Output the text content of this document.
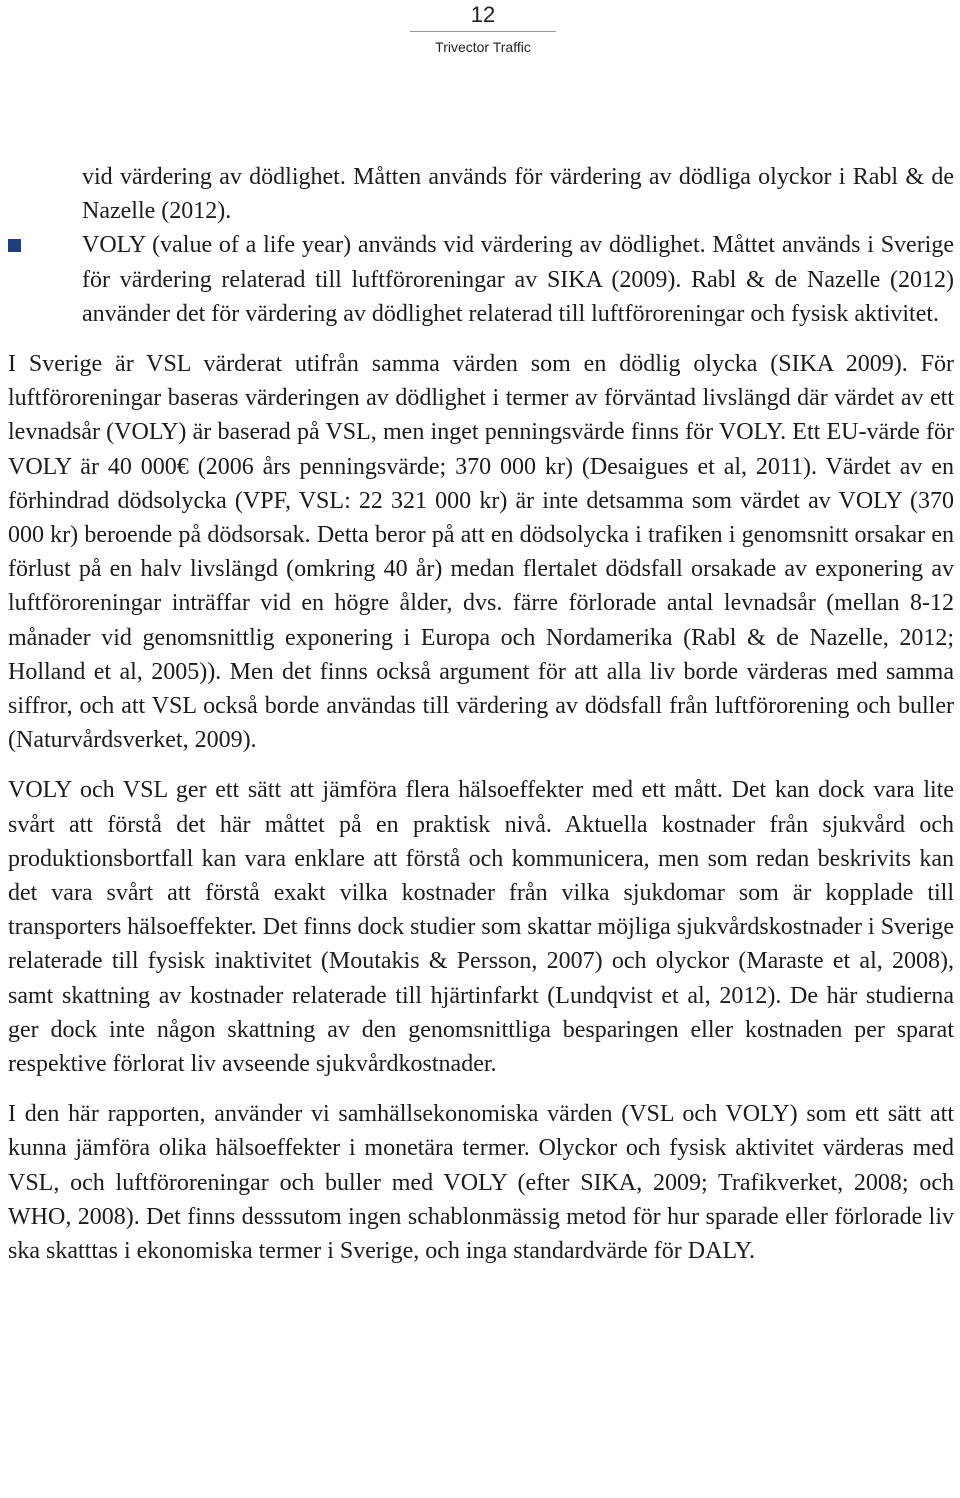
12
Trivector Traffic

vid värdering av dödlighet. Måtten används för värdering av dödliga olyckor i Rabl & de Nazelle (2012).

VOLY (value of a life year) används vid värdering av dödlighet. Måttet används i Sverige för värdering relaterad till luftföroreningar av SIKA (2009). Rabl & de Nazelle (2012) använder det för värdering av dödlighet relaterad till luftföroreningar och fysisk aktivitet.

I Sverige är VSL värderat utifrån samma värden som en dödlig olycka (SIKA 2009). För luftföroreningar baseras värderingen av dödlighet i termer av förväntad livslängd där värdet av ett levnadsår (VOLY) är baserad på VSL, men inget penningsvärde finns för VOLY. Ett EU-värde för VOLY är 40 000€ (2006 års penningsvärde; 370 000 kr) (Desaigues et al, 2011). Värdet av en förhindrad dödsolycka (VPF, VSL: 22 321 000 kr) är inte detsamma som värdet av VOLY (370 000 kr) beroende på dödsorsak. Detta beror på att en dödsolycka i trafiken i genomsnitt orsakar en förlust på en halv livslängd (omkring 40 år) medan flertalet dödsfall orsakade av exponering av luftföroreningar inträffar vid en högre ålder, dvs. färre förlorade antal levnadsår (mellan 8-12 månader vid genomsnittlig exponering i Europa och Nordamerika (Rabl & de Nazelle, 2012; Holland et al, 2005)). Men det finns också argument för att alla liv borde värderas med samma siffror, och att VSL också borde användas till värdering av dödsfall från luftförorening och buller (Naturvårdsverket, 2009).

VOLY och VSL ger ett sätt att jämföra flera hälsoeffekter med ett mått. Det kan dock vara lite svårt att förstå det här måttet på en praktisk nivå. Aktuella kostnader från sjukvård och produktionsbortfall kan vara enklare att förstå och kommunicera, men som redan beskrivits kan det vara svårt att förstå exakt vilka kostnader från vilka sjukdomar som är kopplade till transporters hälsoeffekter. Det finns dock studier som skattar möjliga sjukvårdskostnader i Sverige relaterade till fysisk inaktivitet (Moutakis & Persson, 2007) och olyckor (Maraste et al, 2008), samt skattning av kostnader relaterade till hjärtinfarkt (Lundqvist et al, 2012). De här studierna ger dock inte någon skattning av den genomsnittliga besparingen eller kostnaden per sparat respektive förlorat liv avseende sjukvårdkostnader.

I den här rapporten, använder vi samhällsekonomiska värden (VSL och VOLY) som ett sätt att kunna jämföra olika hälsoeffekter i monetära termer. Olyckor och fysisk aktivitet värderas med VSL, och luftföroreningar och buller med VOLY (efter SIKA, 2009; Trafikverket, 2008; och WHO, 2008). Det finns desssutom ingen schablonmässig metod för hur sparade eller förlorade liv ska skatttas i ekonomiska termer i Sverige, och inga standardvärde för DALY.
